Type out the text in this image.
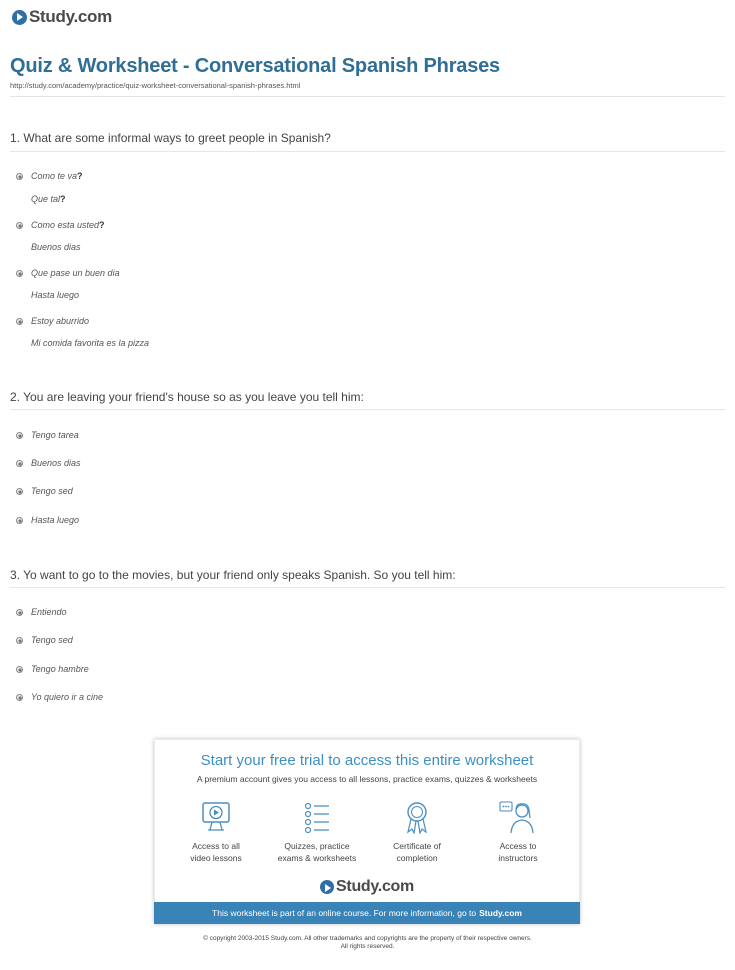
Study.com
Quiz & Worksheet - Conversational Spanish Phrases
http://study.com/academy/practice/quiz-worksheet-conversational-spanish-phrases.html
1. What are some informal ways to greet people in Spanish?
Como te va ?
Que tal?
Como esta usted ?
Buenos dias
Que pase un buen dia
Hasta luego
Estoy aburrido
Mi comida favorita es la pizza
2. You are leaving your friend's house so as you leave you tell him:
Tengo tarea
Buenos dias
Tengo sed
Hasta luego
3. Yo want to go to the movies, but your friend only speaks Spanish. So you tell him:
Entiendo
Tengo sed
Tengo hambre
Yo quiero ir a cine
Start your free trial to access this entire worksheet
A premium account gives you access to all lessons, practice exams, quizzes & worksheets
Access to all
video lessons
Quizzes, practice
exams & worksheets
Certificate of
completion
Access to
instructors
Study.com
This worksheet is part of an online course. For more information, go to Study.com
© copyright 2003-2015 Study.com. All other trademarks and copyrights are the property of their respective owners.
All rights reserved.
